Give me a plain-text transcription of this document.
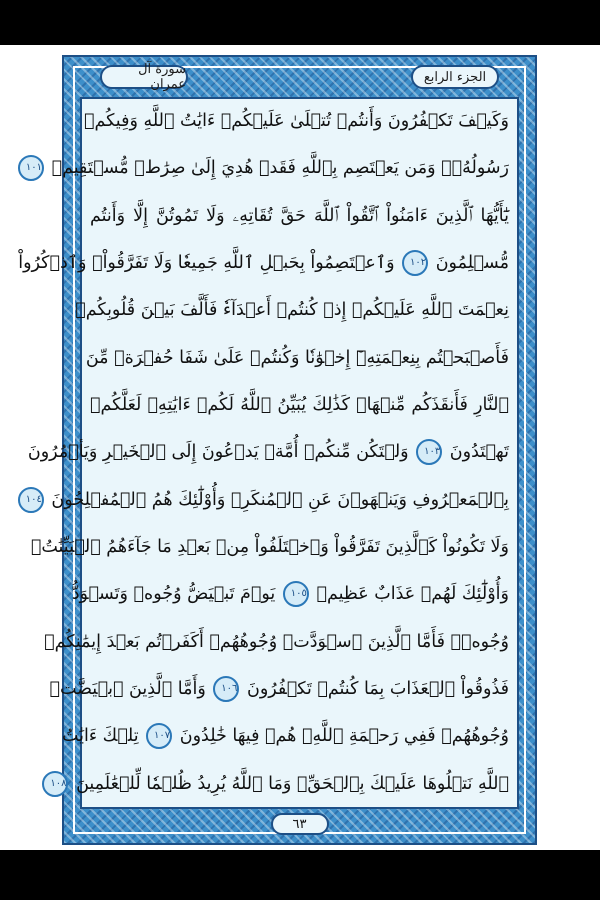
سورة آل عمران	الجزء الرابع
وَكَيۡفَ تَكۡفُرُونَ وَأَنتُمۡ تُتۡلَىٰ عَلَيۡكُمۡ ءَايَٰتُ ٱللَّهِ وَفِيكُمۡ
رَسُولُهُۥۗ وَمَن يَعۡتَصِم بِٱللَّهِ فَقَدۡ هُدِيَ إِلَىٰ صِرَٰطٖ مُّسۡتَقِيمٖ ١٠١
يَٰٓأَيُّهَا ٱلَّذِينَ ءَامَنُواْ ٱتَّقُواْ ٱللَّهَ حَقَّ تُقَاتِهِۦ وَلَا تَمُوتُنَّ إِلَّا وَأَنتُم
مُّسۡلِمُونَ ١٠٢ وَٱعۡتَصِمُواْ بِحَبۡلِ ٱللَّهِ جَمِيعٗا وَلَا تَفَرَّقُواْۚ وَٱذۡكُرُواْ
نِعۡمَتَ ٱللَّهِ عَلَيۡكُمۡ إِذۡ كُنتُمۡ أَعۡدَآءٗ فَأَلَّفَ بَيۡنَ قُلُوبِكُمۡ
فَأَصۡبَحۡتُم بِنِعۡمَتِهِۦٓ إِخۡوَٰنٗا وَكُنتُمۡ عَلَىٰ شَفَا حُفۡرَةٖ مِّنَ
ٱلنَّارِ فَأَنقَذَكُم مِّنۡهَاۗ كَذَٰلِكَ يُبَيِّنُ ٱللَّهُ لَكُمۡ ءَايَٰتِهِۦ لَعَلَّكُمۡ
تَهۡتَدُونَ ١٠٣ وَلۡتَكُن مِّنكُمۡ أُمَّةٞ يَدۡعُونَ إِلَى ٱلۡخَيۡرِ وَيَأۡمُرُونَ
بِٱلۡمَعۡرُوفِ وَيَنۡهَوۡنَ عَنِ ٱلۡمُنكَرِۚ وَأُوْلَٰٓئِكَ هُمُ ٱلۡمُفۡلِحُونَ ١٠٤
وَلَا تَكُونُواْ كَٱلَّذِينَ تَفَرَّقُواْ وَٱخۡتَلَفُواْ مِنۢ بَعۡدِ مَا جَآءَهُمُ ٱلۡبَيِّنَٰتُۚ
وَأُوْلَٰٓئِكَ لَهُمۡ عَذَابٌ عَظِيمٞ ١٠٥ يَوۡمَ تَبۡيَضُّ وُجُوهٞ وَتَسۡوَدُّ
وُجُوهٞۚ فَأَمَّا ٱلَّذِينَ ٱسۡوَدَّتۡ وُجُوهُهُمۡ أَكَفَرۡتُم بَعۡدَ إِيمَٰنِكُمۡ
فَذُوقُواْ ٱلۡعَذَابَ بِمَا كُنتُمۡ تَكۡفُرُونَ ١٠٦ وَأَمَّا ٱلَّذِينَ ٱبۡيَضَّتۡ
وُجُوهُهُمۡ فَفِي رَحۡمَةِ ٱللَّهِۖ هُمۡ فِيهَا خَٰلِدُونَ ١٠٧ تِلۡكَ ءَايَٰتُ
ٱللَّهِ نَتۡلُوهَا عَلَيۡكَ بِٱلۡحَقِّۗ وَمَا ٱللَّهُ يُرِيدُ ظُلۡمٗا لِّلۡعَٰلَمِينَ ١٠٨
٦٣
